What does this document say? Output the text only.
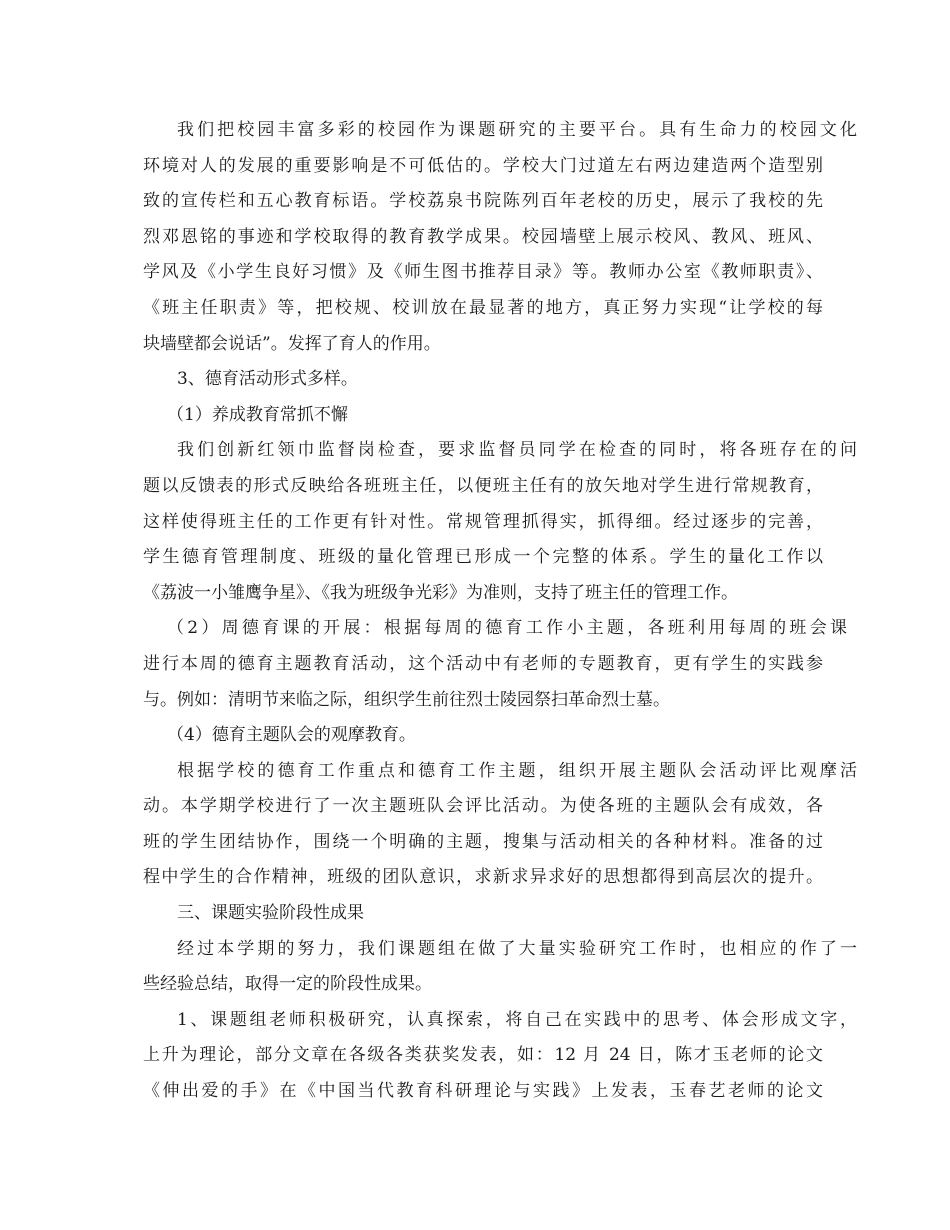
我们把校园丰富多彩的校园作为课题研究的主要平台。具有生命力的校园文化
环境对人的发展的重要影响是不可低估的。学校大门过道左右两边建造两个造型别
致的宣传栏和五心教育标语。学校荔泉书院陈列百年老校的历史，展示了我校的先
烈邓恩铭的事迹和学校取得的教育教学成果。校园墙壁上展示校风、教风、班风、
学风及《小学生良好习惯》及《师生图书推荐目录》等。教师办公室《教师职责》、
《班主任职责》等，把校规、校训放在最显著的地方，真正努力实现“让学校的每
块墙壁都会说话”。发挥了育人的作用。
3、德育活动形式多样。
（1）养成教育常抓不懈
我们创新红领巾监督岗检查，要求监督员同学在检查的同时，将各班存在的问
题以反馈表的形式反映给各班班主任，以便班主任有的放矢地对学生进行常规教育，
这样使得班主任的工作更有针对性。常规管理抓得实，抓得细。经过逐步的完善，
学生德育管理制度、班级的量化管理已形成一个完整的体系。学生的量化工作以
《荔波一小雏鹰争星》、《我为班级争光彩》为准则，支持了班主任的管理工作。
（2）周德育课的开展：根据每周的德育工作小主题，各班利用每周的班会课
进行本周的德育主题教育活动，这个活动中有老师的专题教育，更有学生的实践参
与。例如：清明节来临之际，组织学生前往烈士陵园祭扫革命烈士墓。
（4）德育主题队会的观摩教育。
根据学校的德育工作重点和德育工作主题，组织开展主题队会活动评比观摩活
动。本学期学校进行了一次主题班队会评比活动。为使各班的主题队会有成效，各
班的学生团结协作，围绕一个明确的主题，搜集与活动相关的各种材料。准备的过
程中学生的合作精神，班级的团队意识，求新求异求好的思想都得到高层次的提升。
三、课题实验阶段性成果
经过本学期的努力，我们课题组在做了大量实验研究工作时，也相应的作了一
些经验总结，取得一定的阶段性成果。
1、课题组老师积极研究，认真探索，将自己在实践中的思考、体会形成文字，
上升为理论，部分文章在各级各类获奖发表，如：12 月 24 日，陈才玉老师的论文
《伸出爱的手》在《中国当代教育科研理论与实践》上发表，玉春艺老师的论文
